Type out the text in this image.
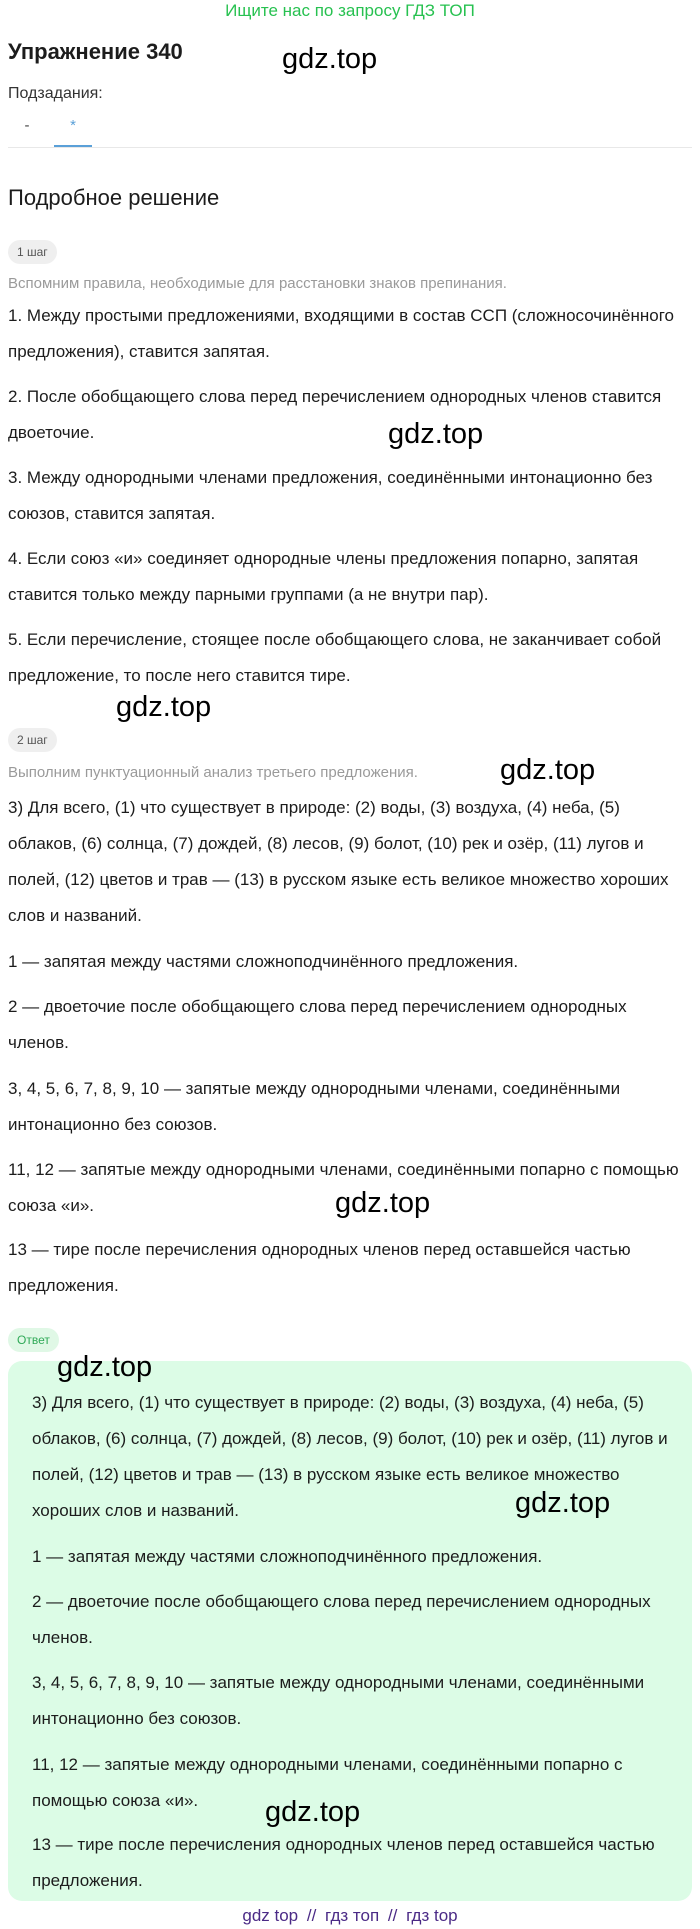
Ищите нас по запросу ГДЗ ТОП
Упражнение 340
Подзадания:
-	*
Подробное решение
1 шаг
Вспомним правила, необходимые для расстановки знаков препинания.
1. Между простыми предложениями, входящими в состав ССП (сложносочинённого предложения), ставится запятая.
2. После обобщающего слова перед перечислением однородных членов ставится двоеточие.
3. Между однородными членами предложения, соединёнными интонационно без союзов, ставится запятая.
4. Если союз «и» соединяет однородные члены предложения попарно, запятая ставится только между парными группами (а не внутри пар).
5. Если перечисление, стоящее после обобщающего слова, не заканчивает собой предложение, то после него ставится тире.
2 шаг
Выполним пунктуационный анализ третьего предложения.
3) Для всего, (1) что существует в природе: (2) воды, (3) воздуха, (4) неба, (5) облаков, (6) солнца, (7) дождей, (8) лесов, (9) болот, (10) рек и озёр, (11) лугов и полей, (12) цветов и трав — (13) в русском языке есть великое множество хороших слов и названий.
1 — запятая между частями сложноподчинённого предложения.
2 — двоеточие после обобщающего слова перед перечислением однородных членов.
3, 4, 5, 6, 7, 8, 9, 10 — запятые между однородными членами, соединёнными интонационно без союзов.
11, 12 — запятые между однородными членами, соединёнными попарно с помощью союза «и».
13 — тире после перечисления однородных членов перед оставшейся частью предложения.
Ответ
3) Для всего, (1) что существует в природе: (2) воды, (3) воздуха, (4) неба, (5) облаков, (6) солнца, (7) дождей, (8) лесов, (9) болот, (10) рек и озёр, (11) лугов и полей, (12) цветов и трав — (13) в русском языке есть великое множество хороших слов и названий.
1 — запятая между частями сложноподчинённого предложения.
2 — двоеточие после обобщающего слова перед перечислением однородных членов.
3, 4, 5, 6, 7, 8, 9, 10 — запятые между однородными членами, соединёнными интонационно без союзов.
11, 12 — запятые между однородными членами, соединёнными попарно с помощью союза «и».
13 — тире после перечисления однородных членов перед оставшейся частью предложения.
gdz.top
gdz.top
gdz.top
gdz.top
gdz.top
gdz.top
gdz.top
gdz.top
gdz top // гдз топ // гдз top
